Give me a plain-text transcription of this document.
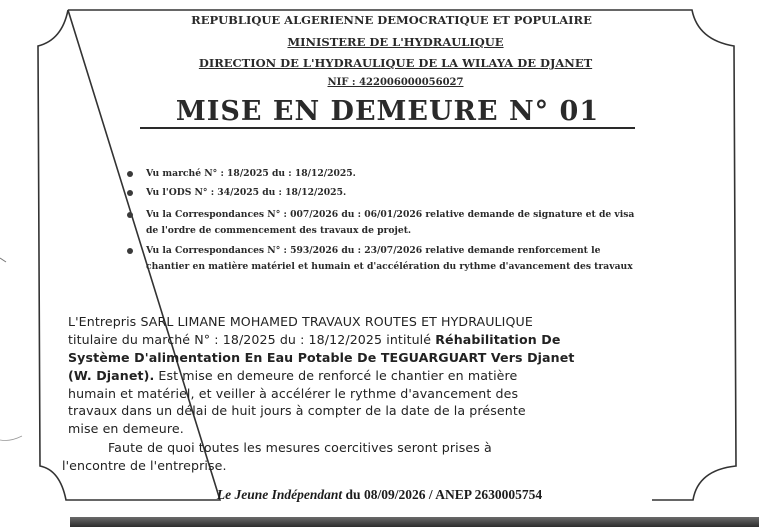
REPUBLIQUE ALGERIENNE DEMOCRATIQUE ET POPULAIRE
MINISTERE DE L'HYDRAULIQUE
DIRECTION DE L'HYDRAULIQUE DE LA WILAYA DE DJANET
NIF : 422006000056027
MISE EN DEMEURE N° 01
Vu marché N° : 18/2025 du : 18/12/2025.
Vu l'ODS N° : 34/2025 du : 18/12/2025.
Vu la Correspondances N° : 007/2026 du : 06/01/2026 relative demande de signature et de visa
de l'ordre de commencement des travaux de projet.
Vu la Correspondances N° : 593/2026 du : 23/07/2026 relative demande renforcement le
chantier en matière matériel et humain et d'accélération du rythme d'avancement des travaux
L'Entrepris SARL LIMANE MOHAMED TRAVAUX ROUTES ET HYDRAULIQUE
titulaire du marché N° : 18/2025 du : 18/12/2025 intitulé Réhabilitation De
Système D'alimentation En Eau Potable De TEGUARGUART Vers Djanet
(W. Djanet). Est mise en demeure de renforcé le chantier en matière
humain et matériel, et veiller à accélérer le rythme d'avancement des
travaux dans un délai de huit jours à compter de la date de la présente
mise en demeure.
Faute de quoi toutes les mesures coercitives seront prises à
l'encontre de l'entreprise.
Le Jeune Indépendant du 08/09/2026 / ANEP 2630005754
